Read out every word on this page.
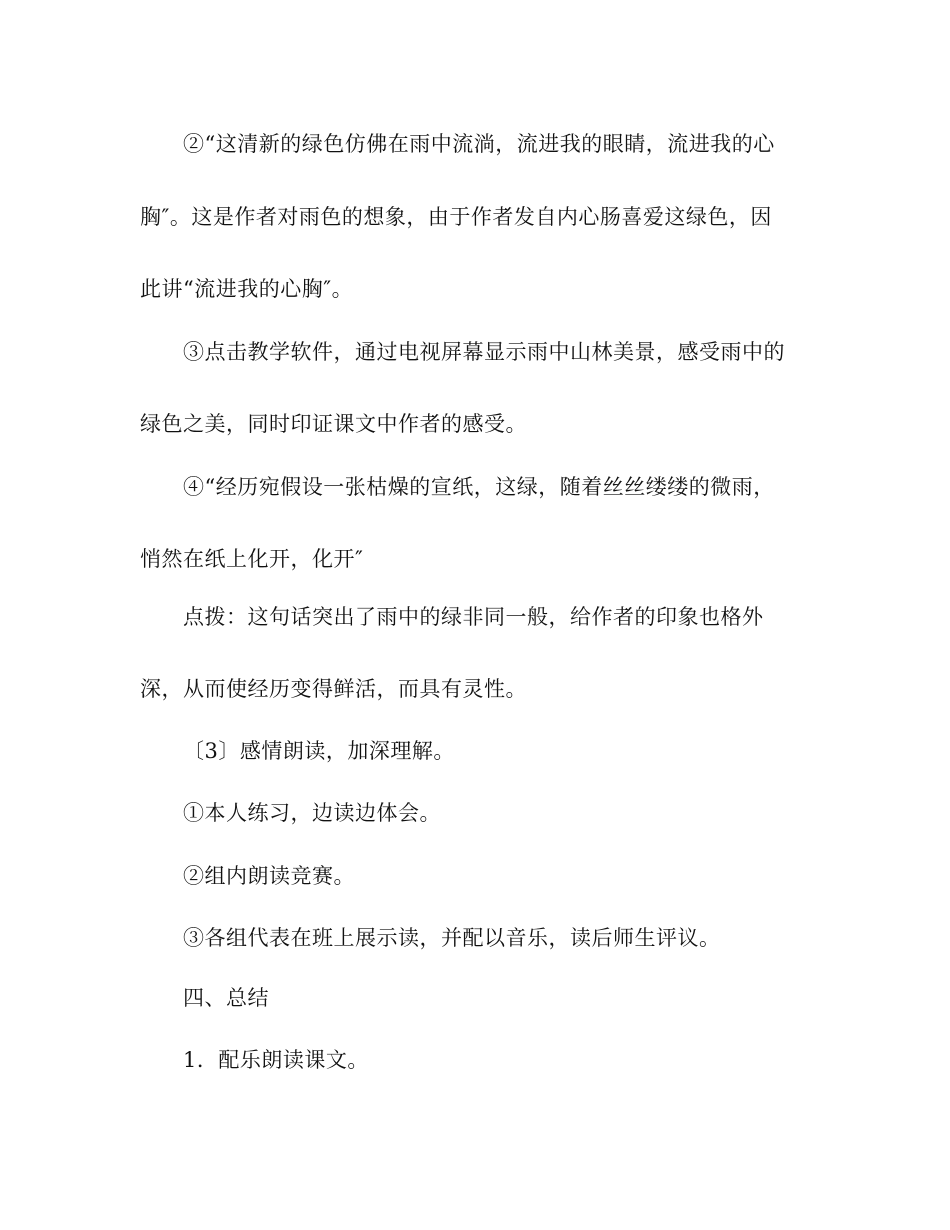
②“这清新的绿色仿佛在雨中流淌，流进我的眼睛，流进我的心
胸″。这是作者对雨色的想象，由于作者发自内心肠喜爱这绿色，因
此讲“流进我的心胸″。
③点击教学软件，通过电视屏幕显示雨中山林美景，感受雨中的
绿色之美，同时印证课文中作者的感受。
④“经历宛假设一张枯燥的宣纸，这绿，随着丝丝缕缕的微雨，
悄然在纸上化开，化开″
点拨：这句话突出了雨中的绿非同一般，给作者的印象也格外
深，从而使经历变得鲜活，而具有灵性。
〔3〕感情朗读，加深理解。
①本人练习，边读边体会。
②组内朗读竞赛。
③各组代表在班上展示读，并配以音乐，读后师生评议。
四、总结
1．配乐朗读课文。
